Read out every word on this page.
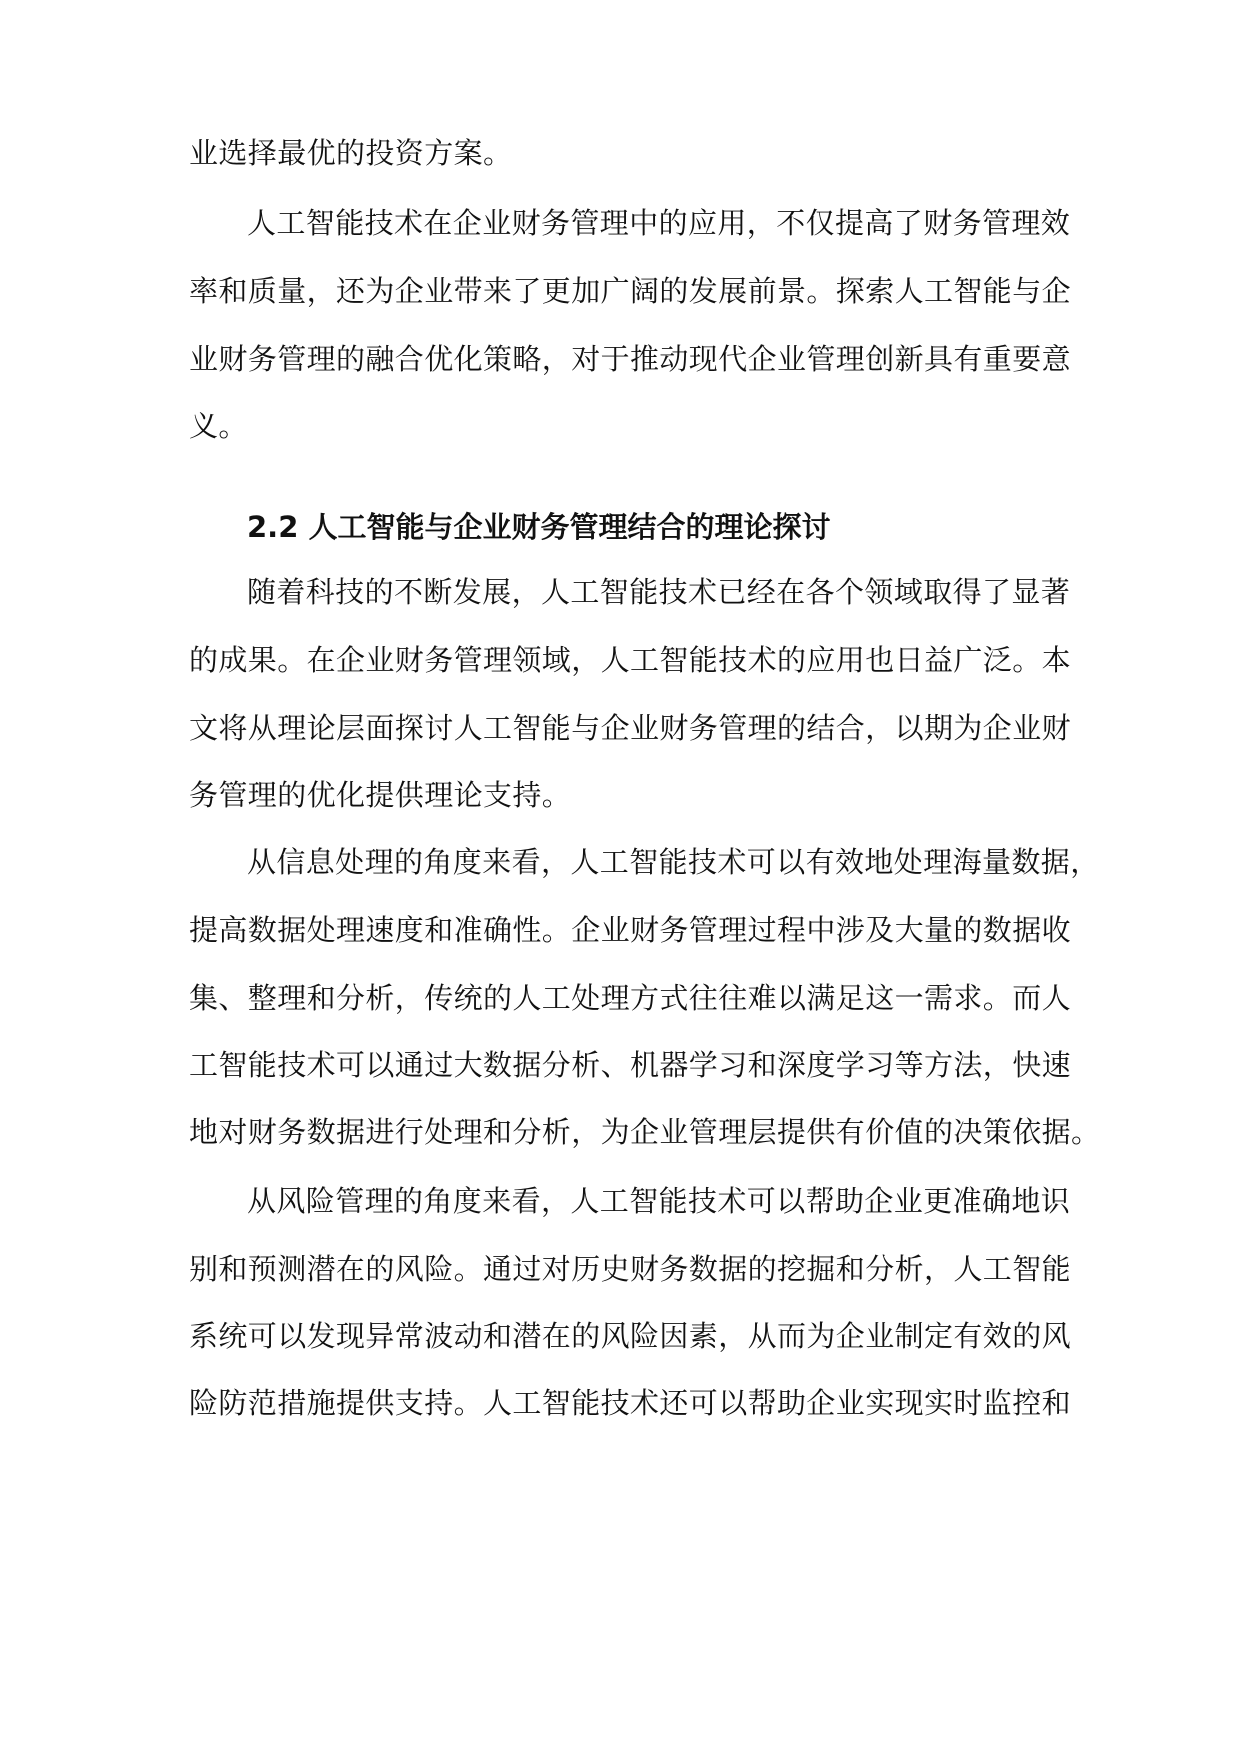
业选择最优的投资方案。
人工智能技术在企业财务管理中的应用，不仅提高了财务管理效
率和质量，还为企业带来了更加广阔的发展前景。探索人工智能与企
业财务管理的融合优化策略，对于推动现代企业管理创新具有重要意
义。
2.2 人工智能与企业财务管理结合的理论探讨
随着科技的不断发展，人工智能技术已经在各个领域取得了显著
的成果。在企业财务管理领域，人工智能技术的应用也日益广泛。本
文将从理论层面探讨人工智能与企业财务管理的结合，以期为企业财
务管理的优化提供理论支持。
从信息处理的角度来看，人工智能技术可以有效地处理海量数据，
提高数据处理速度和准确性。企业财务管理过程中涉及大量的数据收
集、整理和分析，传统的人工处理方式往往难以满足这一需求。而人
工智能技术可以通过大数据分析、机器学习和深度学习等方法，快速
地对财务数据进行处理和分析，为企业管理层提供有价值的决策依据。
从风险管理的角度来看，人工智能技术可以帮助企业更准确地识
别和预测潜在的风险。通过对历史财务数据的挖掘和分析，人工智能
系统可以发现异常波动和潜在的风险因素，从而为企业制定有效的风
险防范措施提供支持。人工智能技术还可以帮助企业实现实时监控和
